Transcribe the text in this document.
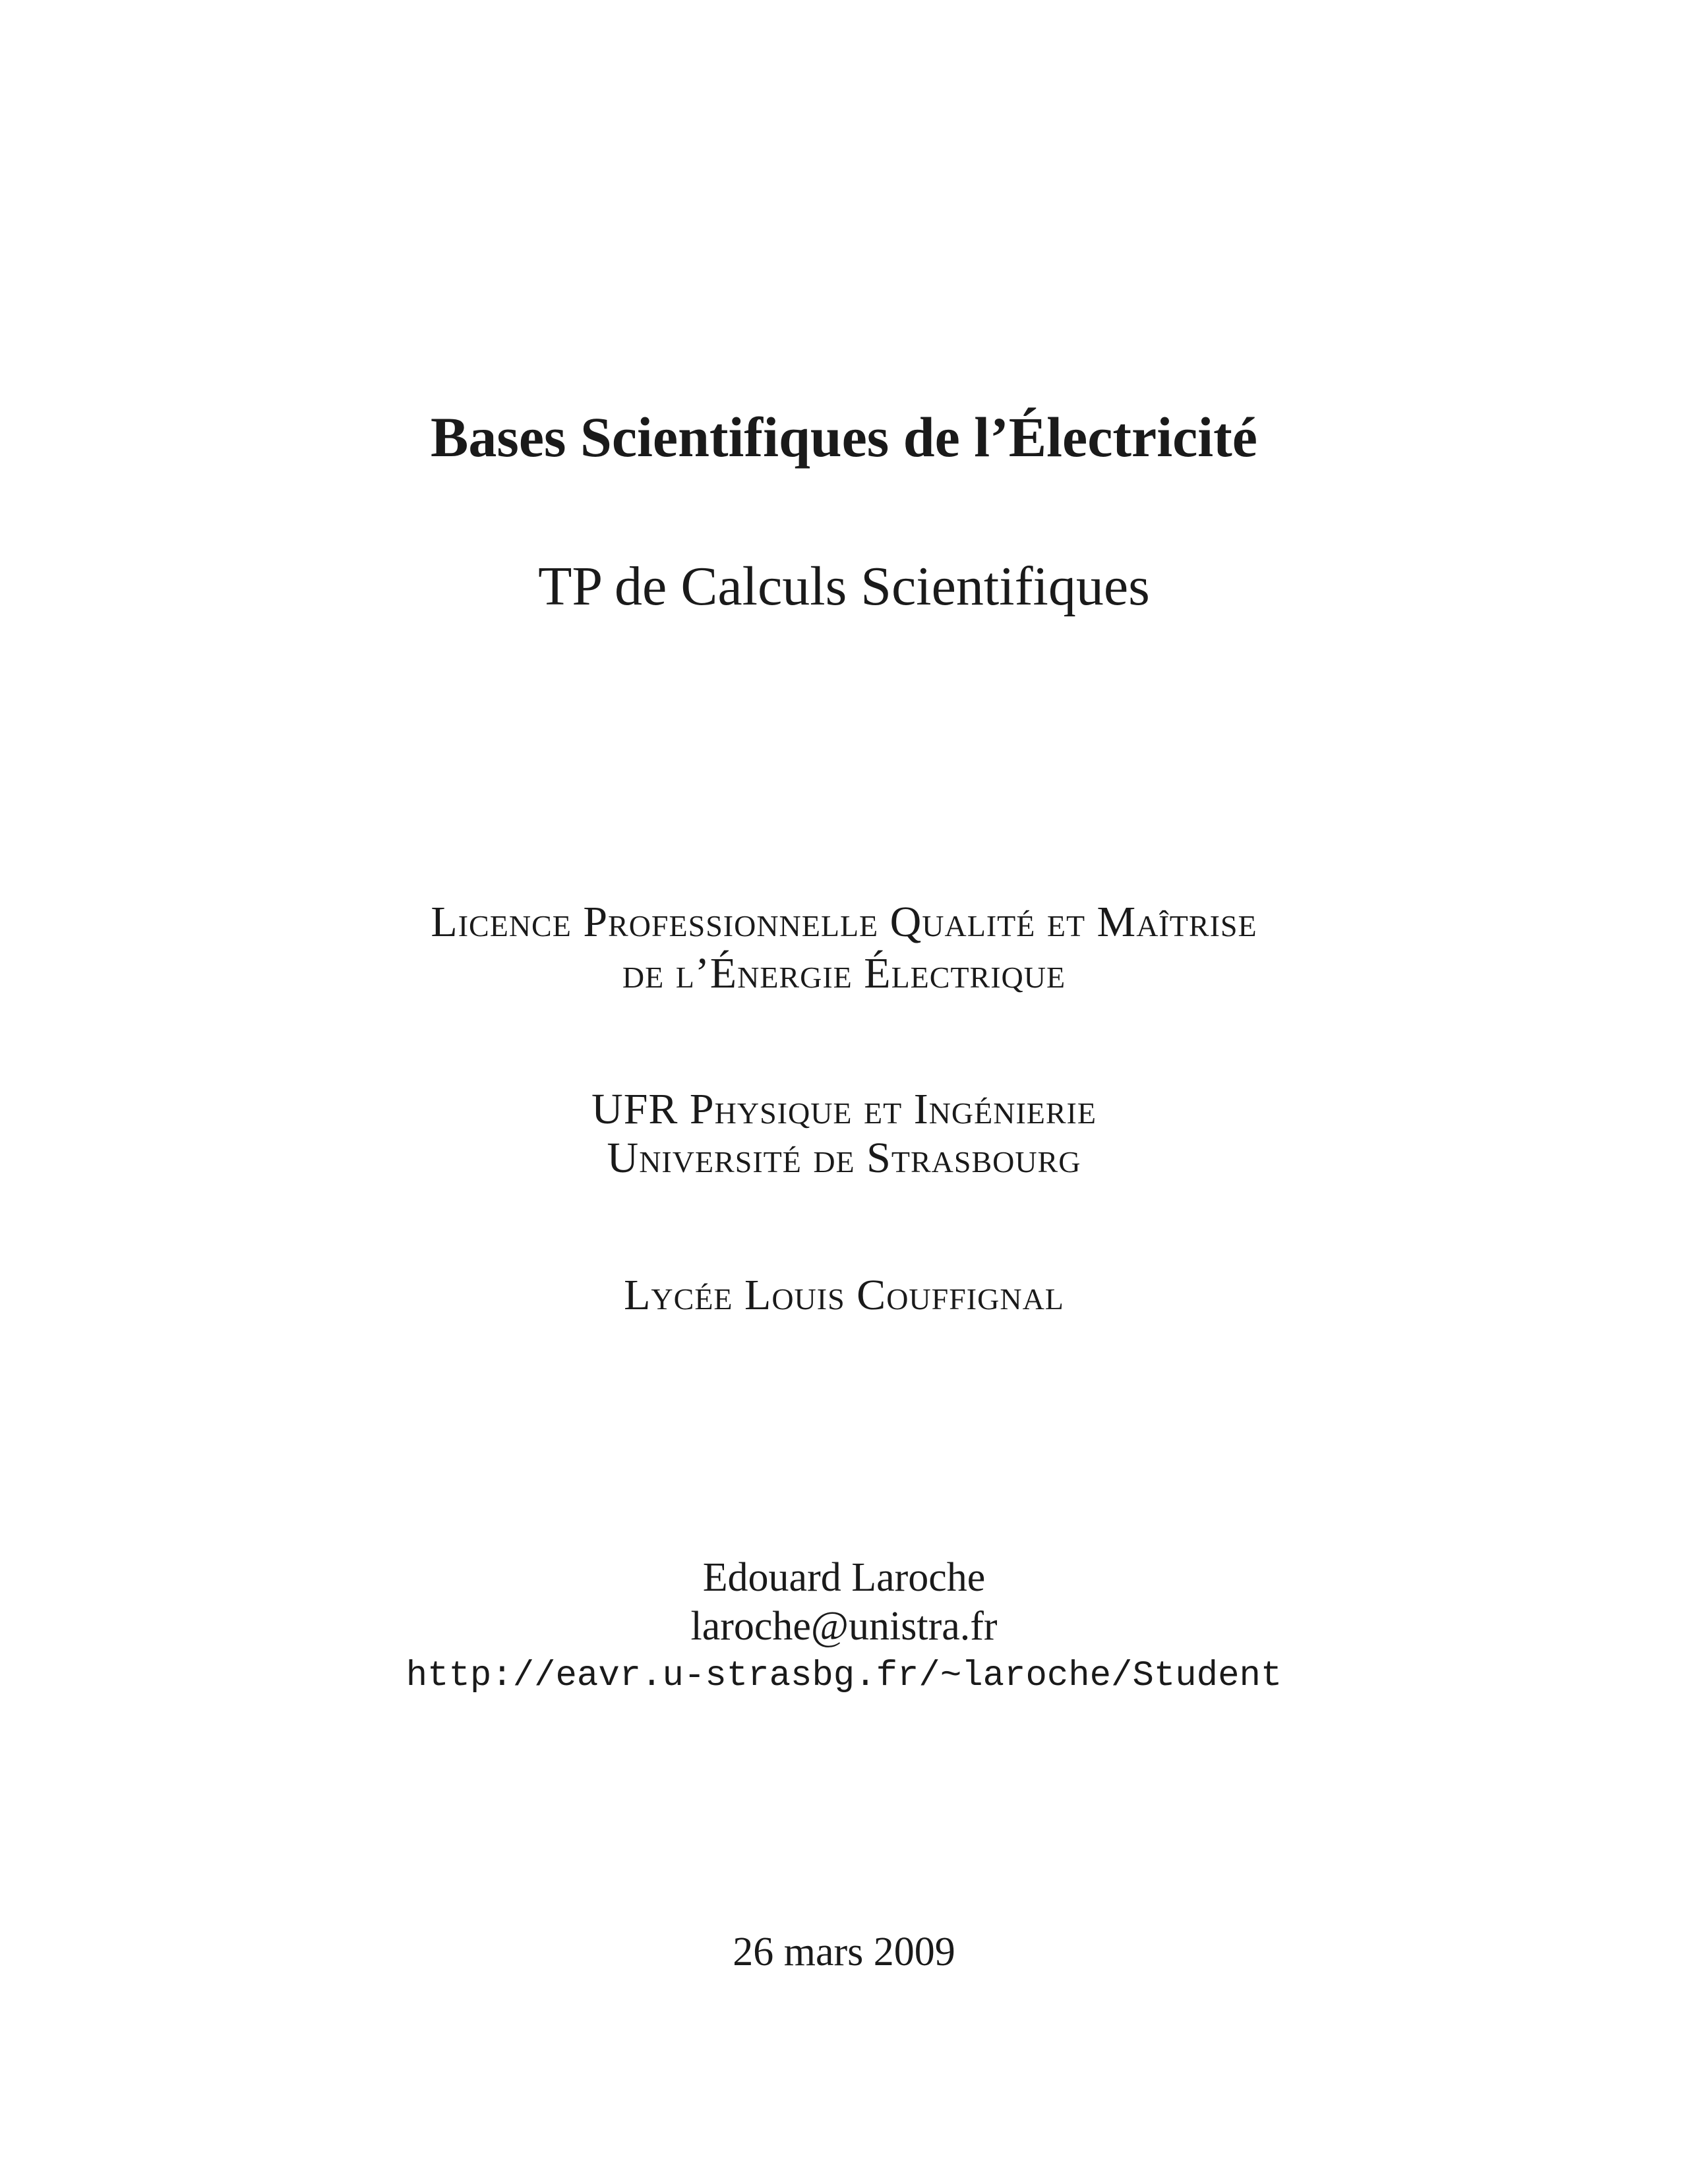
Bases Scientifiques de l’Électricité
TP de Calculs Scientifiques
Licence Professionnelle Qualité et Maîtrise
de l’Énergie Électrique
UFR Physique et Ingénierie
Université de Strasbourg
Lycée Louis Couffignal
Edouard Laroche
laroche@unistra.fr
http://eavr.u-strasbg.fr/~laroche/Student
26 mars 2009
